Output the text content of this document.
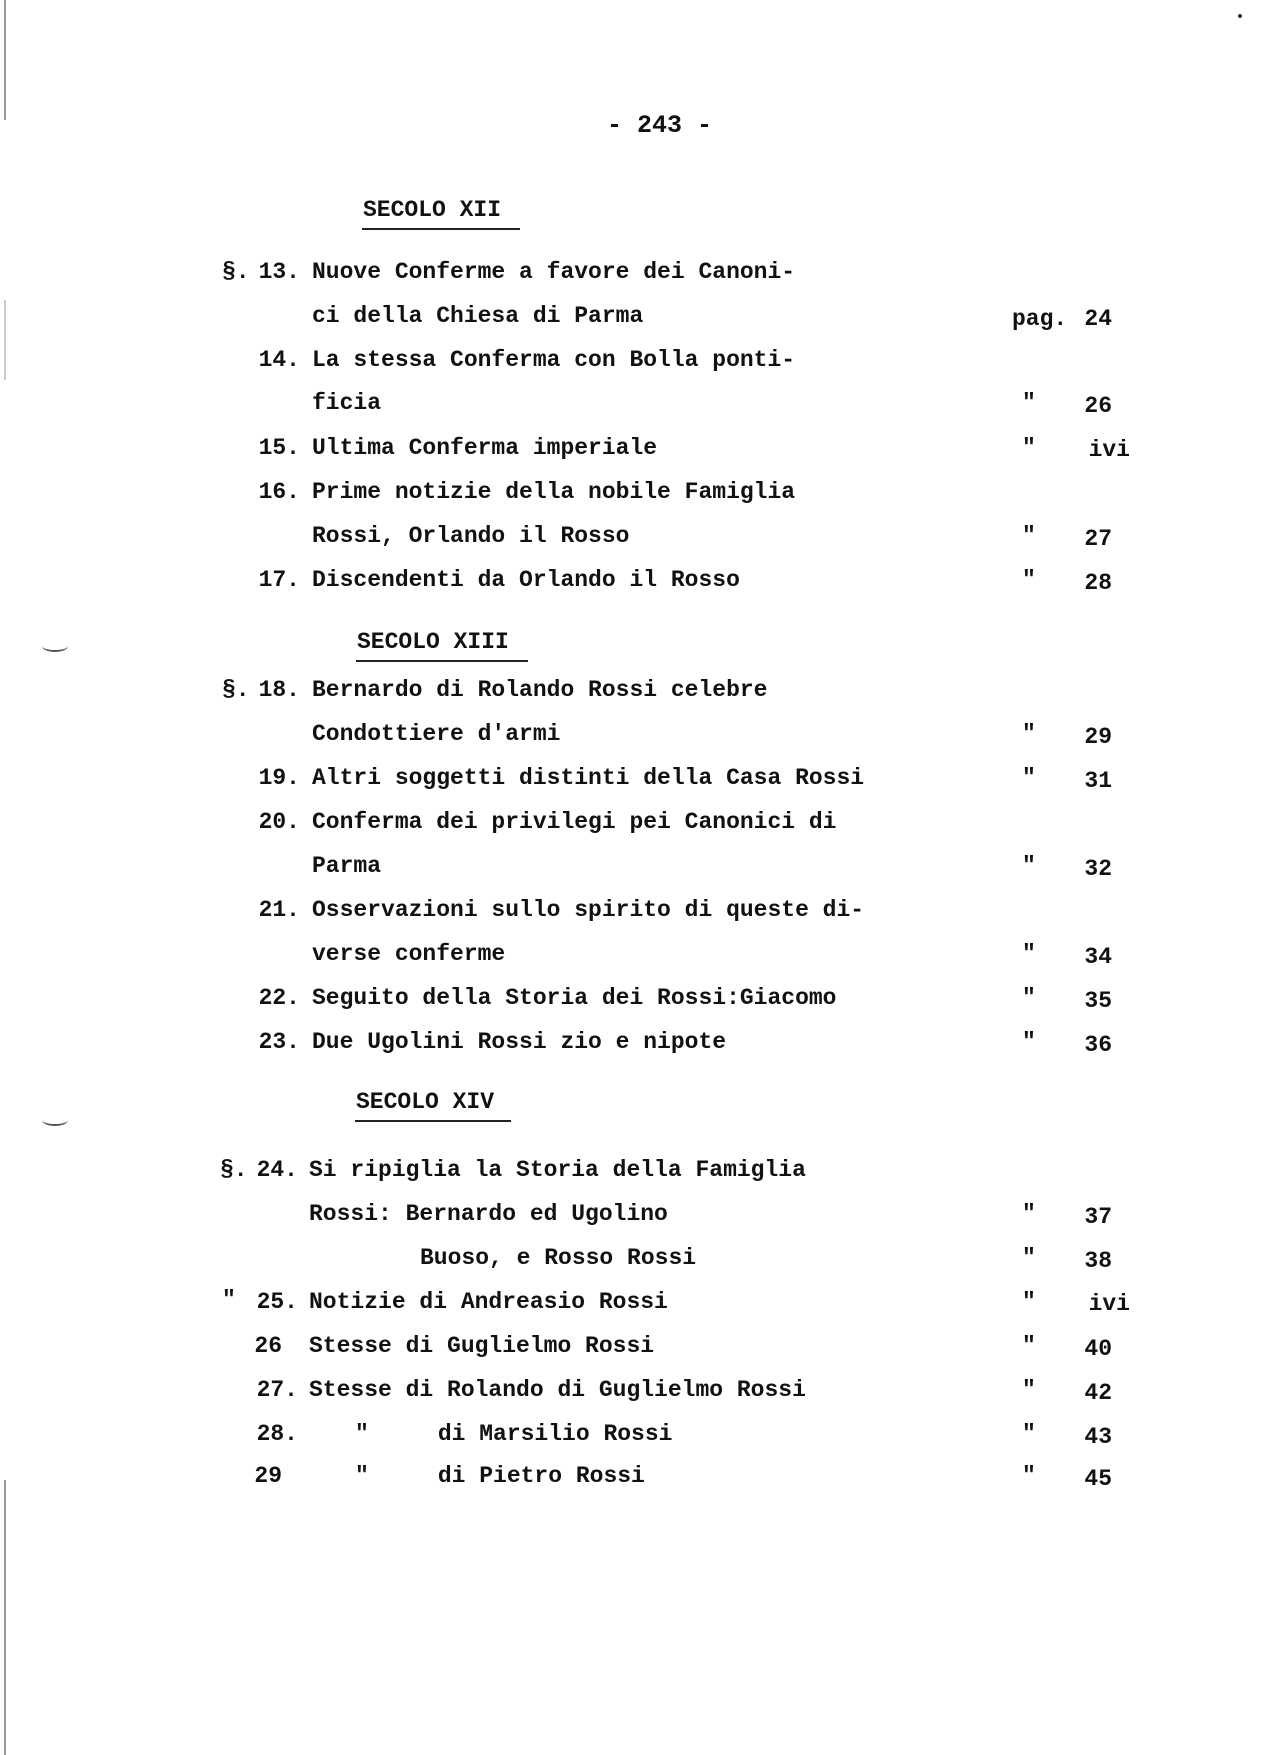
- 243 -
SECOLO XII
§. 13. Nuove Conferme a favore dei Canoni-
ci della Chiesa di Parma	pag. 24
14. La stessa Conferma con Bolla ponti-
ficia	"	26
15. Ultima Conferma imperiale	"	ivi
16. Prime notizie della nobile Famiglia
Rossi, Orlando il Rosso	"	27
17. Discendenti da Orlando il Rosso	"	28
SECOLO XIII
§. 18. Bernardo di Rolando Rossi celebre
Condottiere d'armi	"	29
19. Altri soggetti distinti della Casa Rossi	"	31
20. Conferma dei privilegi pei Canonici di
Parma	"	32
21. Osservazioni sullo spirito di queste di-
verse conferme	"	34
22. Seguito della Storia dei Rossi:Giacomo	"	35
23. Due Ugolini Rossi zio e nipote	"	36
SECOLO XIV
§. 24. Si ripiglia la Storia della Famiglia
Rossi: Bernardo ed Ugolino	"	37
Buoso, e Rosso Rossi	"	38
" 25. Notizie di Andreasio Rossi	"	ivi
26 Stesse di Guglielmo Rossi	"	40
27. Stesse di Rolando di Guglielmo Rossi	"	42
28. "     di Marsilio Rossi	"	43
29	"     di Pietro Rossi	"	45
